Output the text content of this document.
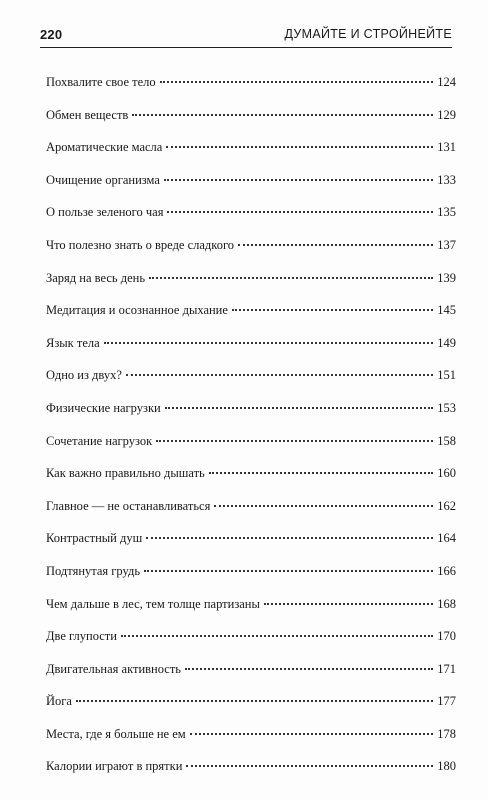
220	ДУМАЙТЕ И СТРОЙНЕЙТЕ
Похвалите свое тело	124
Обмен веществ	129
Ароматические масла	131
Очищение организма	133
О пользе зеленого чая	135
Что полезно знать о вреде сладкого	137
Заряд на весь день	139
Медитация и осознанное дыхание	145
Язык тела	149
Одно из двух?	151
Физические нагрузки	153
Сочетание нагрузок	158
Как важно правильно дышать	160
Главное — не останавливаться	162
Контрастный душ	164
Подтянутая грудь	166
Чем дальше в лес, тем толще партизаны	168
Две глупости	170
Двигательная активность	171
Йога	177
Места, где я больше не ем	178
Калории играют в прятки	180
